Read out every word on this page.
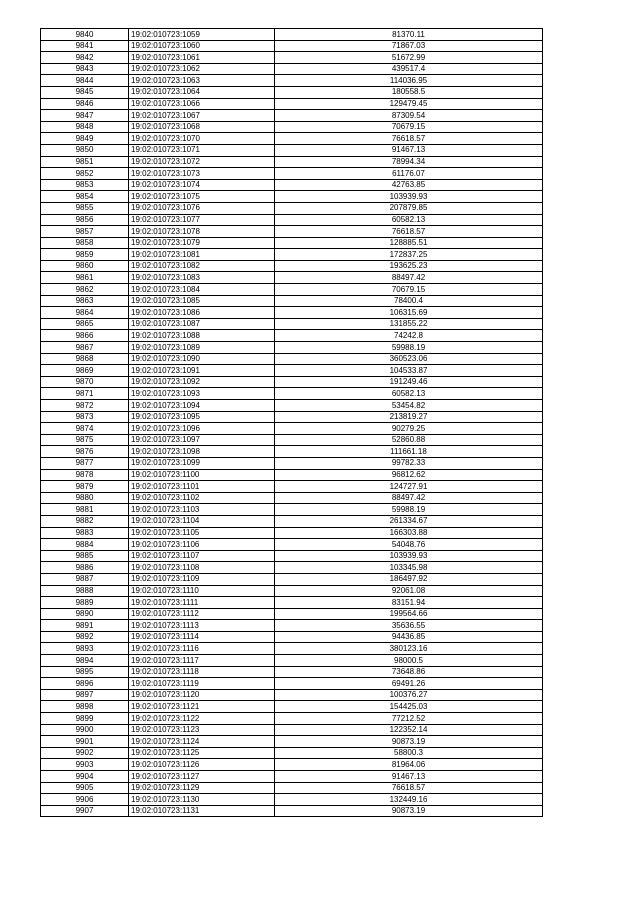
9840	19:02:010723:1059	81370.11
9841	19:02:010723:1060	71867.03
9842	19:02:010723:1061	51672.99
9843	19:02:010723:1062	439517.4
9844	19:02:010723:1063	114036.95
9845	19:02:010723:1064	180558.5
9846	19:02:010723:1066	129479.45
9847	19:02:010723:1067	87309.54
9848	19:02:010723:1068	70679.15
9849	19:02:010723:1070	76618.57
9850	19:02:010723:1071	91467.13
9851	19:02:010723:1072	78994.34
9852	19:02:010723:1073	61176.07
9853	19:02:010723:1074	42763.85
9854	19:02:010723:1075	103939.93
9855	19:02:010723:1076	207879.85
9856	19:02:010723:1077	60582.13
9857	19:02:010723:1078	76618.57
9858	19:02:010723:1079	128885.51
9859	19:02:010723:1081	172837.25
9860	19:02:010723:1082	193625.23
9861	19:02:010723:1083	88497.42
9862	19:02:010723:1084	70679.15
9863	19:02:010723:1085	78400.4
9864	19:02:010723:1086	106315.69
9865	19:02:010723:1087	131855.22
9866	19:02:010723:1088	74242.8
9867	19:02:010723:1089	59988.19
9868	19:02:010723:1090	360523.06
9869	19:02:010723:1091	104533.87
9870	19:02:010723:1092	191249.46
9871	19:02:010723:1093	60582.13
9872	19:02:010723:1094	53454.82
9873	19:02:010723:1095	213819.27
9874	19:02:010723:1096	90279.25
9875	19:02:010723:1097	52860.88
9876	19:02:010723:1098	111661.18
9877	19:02:010723:1099	99782.33
9878	19:02:010723:1100	96812.62
9879	19:02:010723:1101	124727.91
9880	19:02:010723:1102	88497.42
9881	19:02:010723:1103	59988.19
9882	19:02:010723:1104	261334.67
9883	19:02:010723:1105	166303.88
9884	19:02:010723:1106	54048.76
9885	19:02:010723:1107	103939.93
9886	19:02:010723:1108	103345.98
9887	19:02:010723:1109	186497.92
9888	19:02:010723:1110	92061.08
9889	19:02:010723:1111	83151.94
9890	19:02:010723:1112	199564.66
9891	19:02:010723:1113	35636.55
9892	19:02:010723:1114	94436.85
9893	19:02:010723:1116	380123.16
9894	19:02:010723:1117	98000.5
9895	19:02:010723:1118	73648.86
9896	19:02:010723:1119	69491.26
9897	19:02:010723:1120	100376.27
9898	19:02:010723:1121	154425.03
9899	19:02:010723:1122	77212.52
9900	19:02:010723:1123	122352.14
9901	19:02:010723:1124	90873.19
9902	19:02:010723:1125	58800.3
9903	19:02:010723:1126	81964.06
9904	19:02:010723:1127	91467.13
9905	19:02:010723:1129	76618.57
9906	19:02:010723:1130	132449.16
9907	19:02:010723:1131	90873.19
